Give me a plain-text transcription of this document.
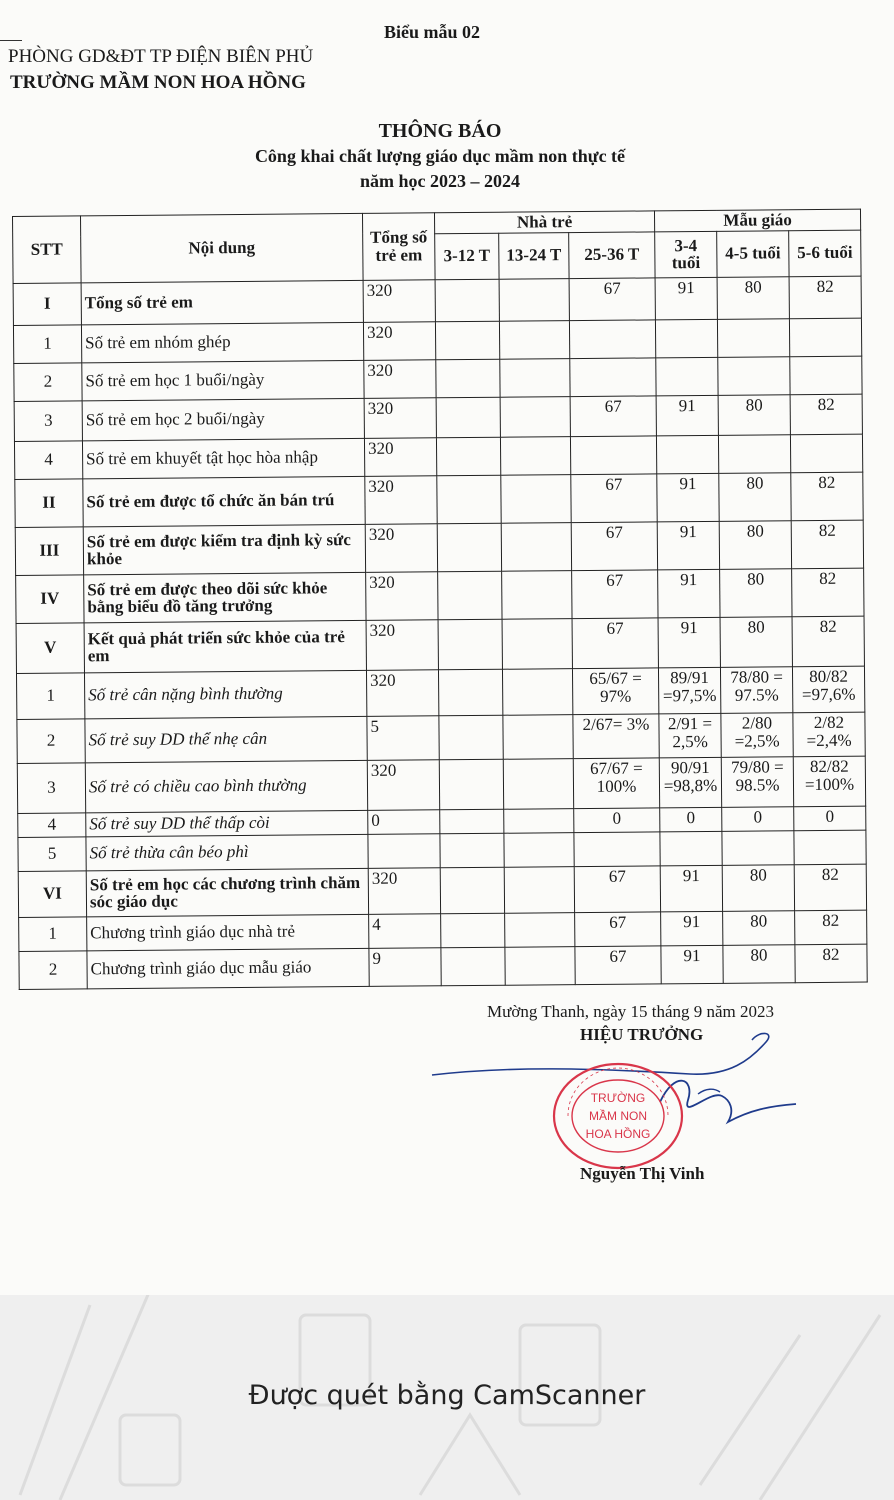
Biểu mẫu 02
PHÒNG GD&ĐT TP ĐIỆN BIÊN PHỦ
TRƯỜNG MẦM NON HOA HỒNG
THÔNG BÁO
Công khai chất lượng giáo dục mầm non thực tế
năm học 2023 – 2024
STT	Nội dung	Tổng số trẻ em	Nhà trẻ			Mẫu giáo		
			3-12 T	13-24 T	25-36 T	3-4 tuổi	4-5 tuổi	5-6 tuổi
I	Tổng số trẻ em	320			67	91	80	82
1	Số trẻ em nhóm ghép	320						
2	Số trẻ em học 1 buổi/ngày	320						
3	Số trẻ em học 2 buổi/ngày	320			67	91	80	82
4	Số trẻ em khuyết tật học hòa nhập	320						
II	Số trẻ em được tổ chức ăn bán trú	320			67	91	80	82
III	Số trẻ em được kiểm tra định kỳ sức khỏe	320			67	91	80	82
IV	Số trẻ em được theo dõi sức khỏe bằng biểu đồ tăng trưởng	320			67	91	80	82
V	Kết quả phát triển sức khỏe của trẻ em	320			67	91	80	82
1	Số trẻ cân nặng bình thường	320			65/67 = 97%	89/91 =97,5%	78/80 = 97.5%	80/82 =97,6%
2	Số trẻ suy DD thể nhẹ cân	5			2/67= 3%	2/91 = 2,5%	2/80 =2,5%	2/82 =2,4%
3	Số trẻ có chiều cao bình thường	320			67/67 = 100%	90/91 =98,8%	79/80 = 98.5%	82/82 =100%
4	Số trẻ suy DD thể thấp còi	0			0	0	0	0
5	Số trẻ thừa cân béo phì							
VI	Số trẻ em học các chương trình chăm sóc giáo dục	320			67	91	80	82
1	Chương trình giáo dục nhà trẻ	4			67	91	80	82
2	Chương trình giáo dục mẫu giáo	9			67	91	80	82
Mường Thanh, ngày 15 tháng 9 năm 2023
HIỆU TRƯỞNG
TRƯỜNG
MẦM NON
HOA HỒNG
Nguyễn Thị Vinh
Được quét bằng CamScanner
